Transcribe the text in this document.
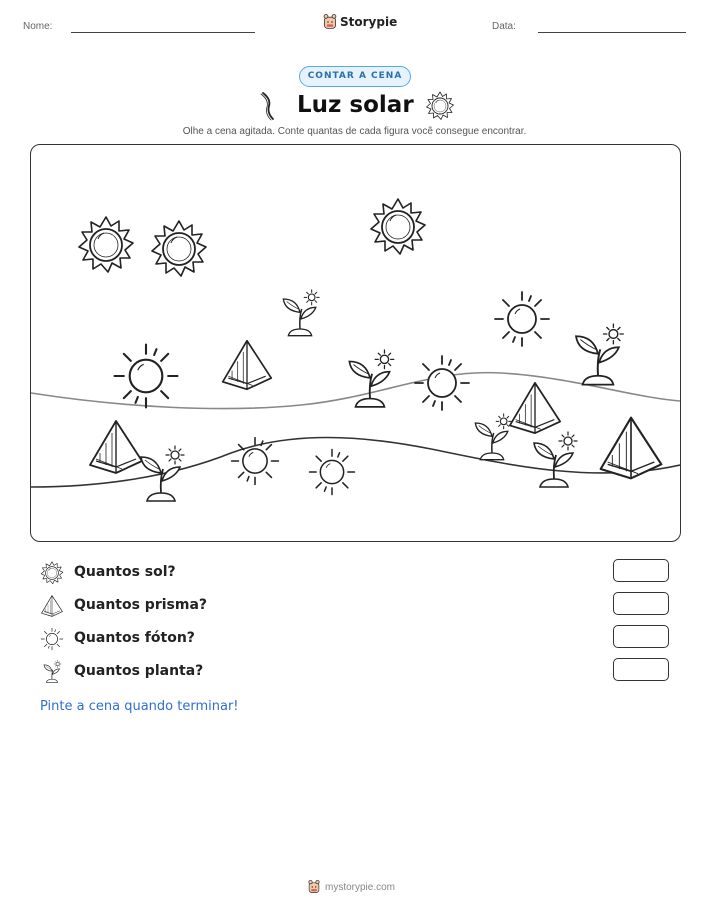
Nome:	Storypie	Data:
CONTAR A CENA
Luz solar
Olhe a cena agitada. Conte quantas de cada figura você consegue encontrar.
Quantos sol?
Quantos prisma?
Quantos fóton?
Quantos planta?
Pinte a cena quando terminar!
mystorypie.com
